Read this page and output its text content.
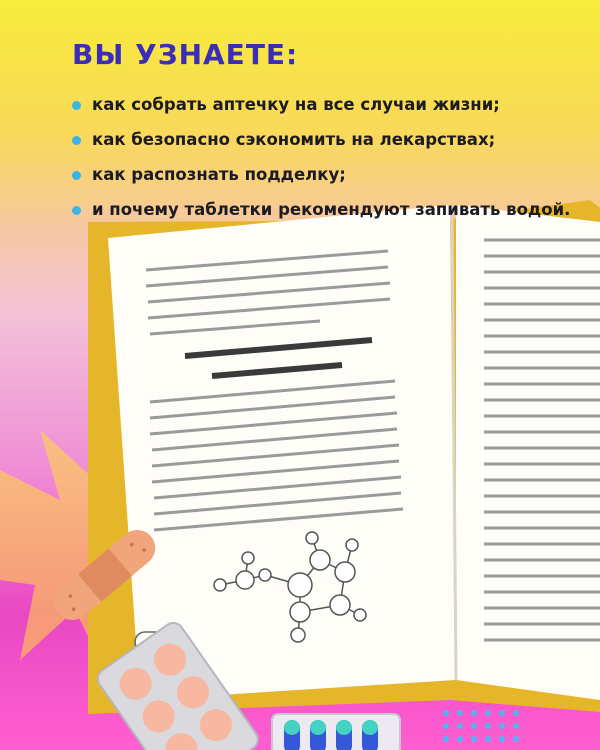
ВЫ УЗНАЕТЕ:
как собрать аптечку на все случаи жизни;
как безопасно сэкономить на лекарствах;
как распознать подделку;
и почему таблетки рекомендуют запивать водой.
